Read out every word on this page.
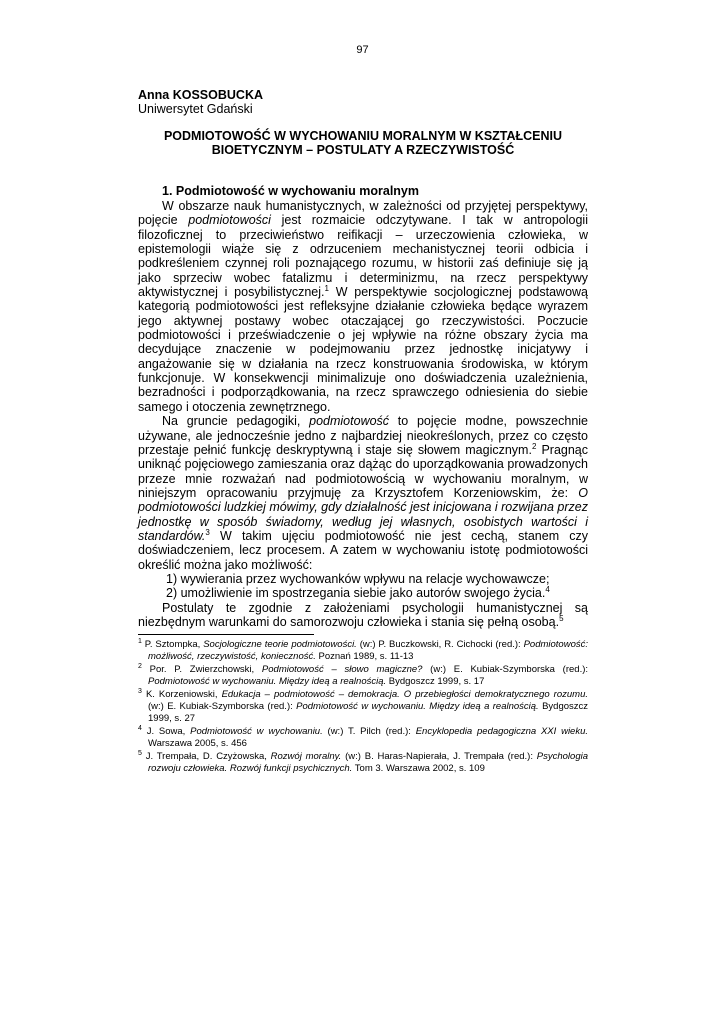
97
Anna KOSSOBUCKA
Uniwersytet Gdański
PODMIOTOWOŚĆ W WYCHOWANIU MORALNYM W KSZTAŁCENIU
BIOETYCZNYM – POSTULATY A RZECZYWISTOŚĆ
1. Podmiotowość w wychowaniu moralnym

W obszarze nauk humanistycznych, w zależności od przyjętej perspektywy, pojęcie podmiotowości jest rozmaicie odczytywane. I tak w antropologii filozoficznej to przeciwieństwo reifikacji – urzeczowienia człowieka, w epistemologii wiąże się z odrzuceniem mechanistycznej teorii odbicia i podkreśleniem czynnej roli poznającego rozumu, w historii zaś definiuje się ją jako sprzeciw wobec fatalizmu i determinizmu, na rzecz perspektywy aktywistycznej i posybilistycznej.$^1$ W perspektywie socjologicznej podstawową kategorią podmiotowości jest refleksyjne działanie człowieka będące wyrazem jego aktywnej postawy wobec otaczającej go rzeczywistości. Poczucie podmiotowości i przeświadczenie o jej wpływie na różne obszary życia ma decydujące znaczenie w podejmowaniu przez jednostkę inicjatywy i angażowanie się w działania na rzecz konstruowania środowiska, w którym funkcjonuje. W konsekwencji minimalizuje ono doświadczenia uzależnienia, bezradności i podporządkowania, na rzecz sprawczego odniesienia do siebie samego i otoczenia zewnętrznego.

Na gruncie pedagogiki, podmiotowość to pojęcie modne, powszechnie używane, ale jednocześnie jedno z najbardziej nieokreślonych, przez co często przestaje pełnić funkcję deskryptywną i staje się słowem magicznym.$^2$ Pragnąc uniknąć pojęciowego zamieszania oraz dążąc do uporządkowania prowadzonych przeze mnie rozważań nad podmiotowością w wychowaniu moralnym, w niniejszym opracowaniu przyjmuję za Krzysztofem Korzeniowskim, że: O podmiotowości ludzkiej mówimy, gdy działalność jest inicjowana i rozwijana przez jednostkę w sposób świadomy, według jej własnych, osobistych wartości i standardów.$^3$ W takim ujęciu podmiotowość nie jest cechą, stanem czy doświadczeniem, lecz procesem. A zatem w wychowaniu istotę podmiotowości określić można jako możliwość:

1) wywierania przez wychowanków wpływu na relacje wychowawcze;

2) umożliwienie im spostrzegania siebie jako autorów swojego życia.$^4$

Postulaty te zgodnie z założeniami psychologii humanistycznej są niezbędnym warunkami do samorozwoju człowieka i stania się pełną osobą.$^5$

$^1$ P. Sztompka, Socjologiczne teorie podmiotowości. (w:) P. Buczkowski, R. Cichocki (red.): Podmiotowość: możliwość, rzeczywistość, konieczność. Poznań 1989, s. 11-13

$^2$ Por. P. Zwierzchowski, Podmiotowość – słowo magiczne? (w:) E. Kubiak-Szymborska (red.): Podmiotowość w wychowaniu. Między ideą a realnością. Bydgoszcz 1999, s. 17

$^3$ K. Korzeniowski, Edukacja – podmiotowość – demokracja. O przebiegłości demokratycznego rozumu. (w:) E. Kubiak-Szymborska (red.): Podmiotowość w wychowaniu. Między ideą a realnością. Bydgoszcz 1999, s. 27

$^4$ J. Sowa, Podmiotowość w wychowaniu. (w:) T. Pilch (red.): Encyklopedia pedagogiczna XXI wieku. Warszawa 2005, s. 456

$^5$ J. Trempała, D. Czyżowska, Rozwój moralny. (w:) B. Haras-Napierała, J. Trempała (red.): Psychologia rozwoju człowieka. Rozwój funkcji psychicznych. Tom 3. Warszawa 2002, s. 109
